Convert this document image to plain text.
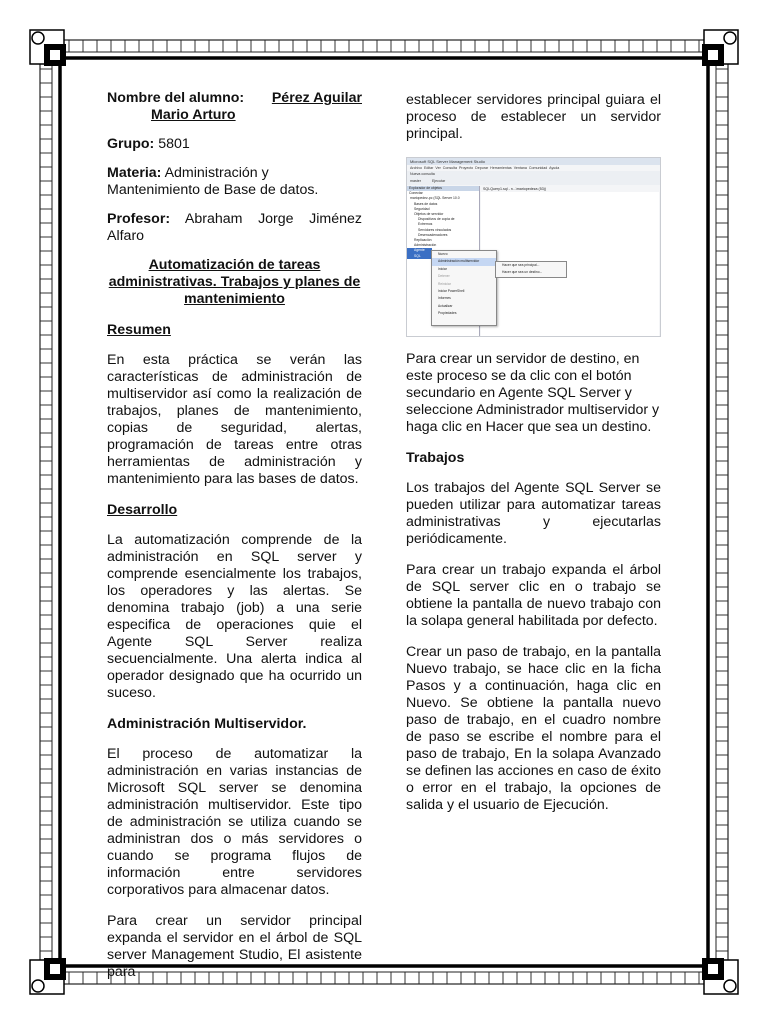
Nombre del alumno: Pérez Aguilar
Mario Arturo

Grupo: 5801

Materia: Administración y Mantenimiento de Base de datos.

Profesor: Abraham Jorge Jiménez Alfaro

Automatización de tareas administrativas. Trabajos y planes de mantenimiento

Resumen

En esta práctica se verán las características de administración de multiservidor así como la realización de trabajos, planes de mantenimiento, copias de seguridad, alertas, programación de tareas entre otras herramientas de administración y mantenimiento para las bases de datos.

Desarrollo

La automatización comprende de la administración en SQL server y comprende esencialmente los trabajos, los operadores y las alertas. Se denomina trabajo (job) a una serie especifica de operaciones quie el Agente SQL Server realiza secuencialmente. Una alerta indica al operador designado que ha ocurrido un suceso.

Administración Multiservidor.

El proceso de automatizar la administración en varias instancias de Microsoft SQL server se denomina administración multiservidor. Este tipo de administración se utiliza cuando se administran dos o más servidores o cuando se programa flujos de información entre servidores corporativos para almacenar datos.

Para crear un servidor principal expanda el servidor en el árbol de SQL server Management Studio, El asistente para

establecer servidores principal guiara el proceso de establecer un servidor principal.

Microsoft SQL Server Management Studio
Archivo Editar Ver Consulta Proyecto Depurar Herramientas Ventana Comunidad Ayuda
Nueva consulta
master	Ejecutar
Explorador de objetos
Conectar
mariopedez-pc (SQL Server 10.0
Bases de datos
Seguridad
Objetos de servidor
Dispositivos de copia de
Extremos
Servidores vinculados
Desencadenadores
Replicación
Administración
Agente SQL
SQLQuery1.sql - n...\mariopedeza (53))
Nuevo
Administración multiservidor
Iniciar
Detener
Reiniciar
Iniciar PowerShell
Informes
Actualizar
Propiedades
Hacer que sea principal...
Hacer que sea un destino...

Para crear un servidor de destino, en este proceso se da clic con el botón secundario en Agente SQL Server y seleccione Administrador multiservidor y haga clic en Hacer que sea un destino.

Trabajos

Los trabajos del Agente SQL Server se pueden utilizar para automatizar tareas administrativas y ejecutarlas periódicamente.

Para crear un trabajo expanda el árbol de SQL server clic en o trabajo se obtiene la pantalla de nuevo trabajo con la solapa general habilitada por defecto.

Crear un paso de trabajo, en la pantalla Nuevo trabajo, se hace clic en la ficha Pasos y a continuación, haga clic en Nuevo. Se obtiene la pantalla nuevo paso de trabajo, en el cuadro nombre de paso se escribe el nombre para el paso de trabajo, En la solapa Avanzado se definen las acciones en caso de éxito o error en el trabajo, la opciones de salida y el usuario de Ejecución.
